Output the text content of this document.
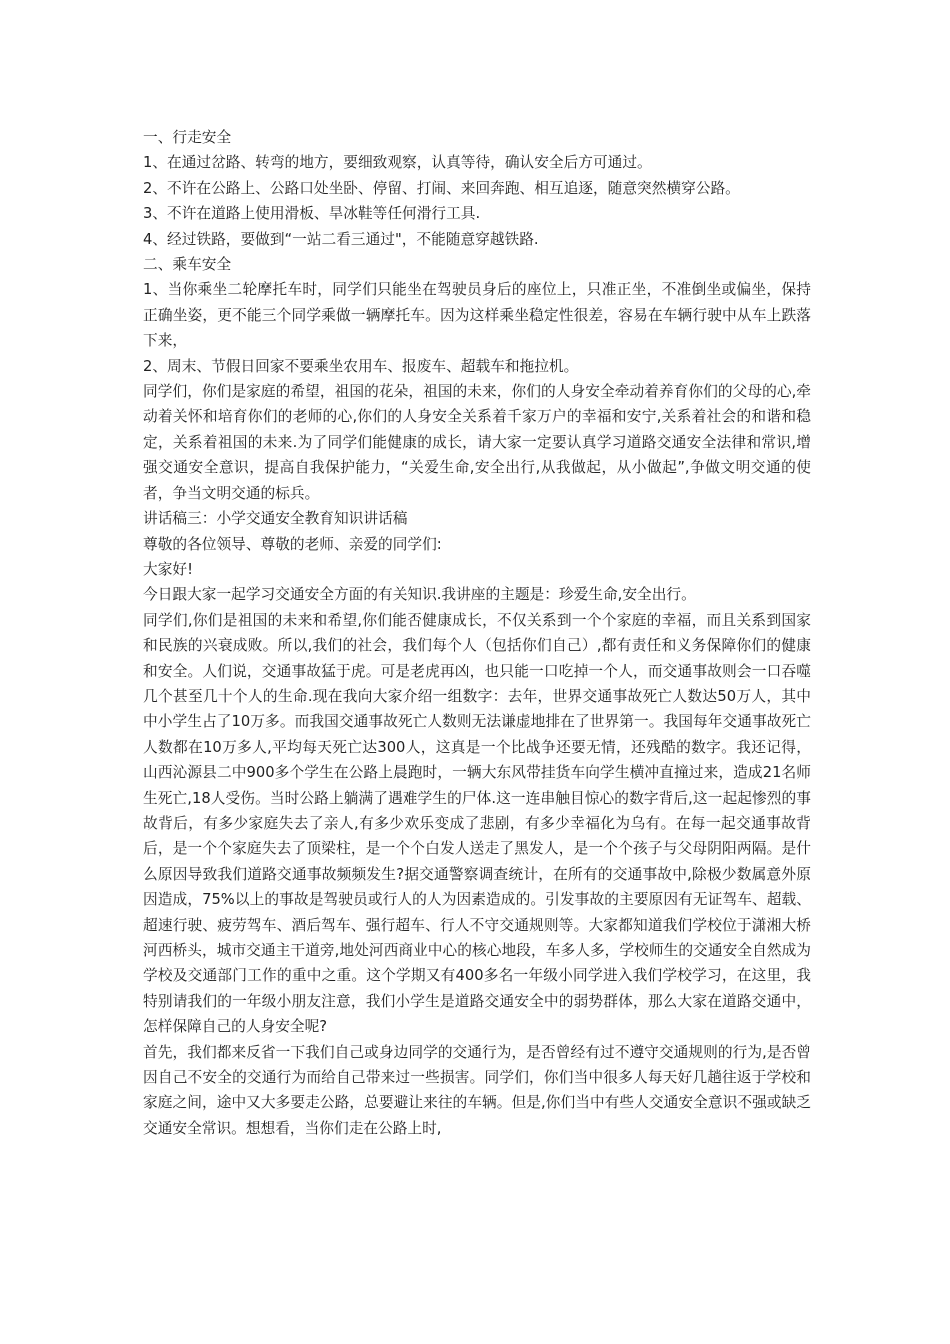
一、行走安全

1、在通过岔路、转弯的地方，要细致观察，认真等待，确认安全后方可通过。

2、不许在公路上、公路口处坐卧、停留、打闹、来回奔跑、相互追逐，随意突然横穿公路。

3、不许在道路上使用滑板、旱冰鞋等任何滑行工具.

4、经过铁路，要做到“一站二看三通过"，不能随意穿越铁路.

二、乘车安全

1、当你乘坐二轮摩托车时，同学们只能坐在驾驶员身后的座位上，只准正坐，不准倒坐或偏坐，保持正确坐姿，更不能三个同学乘做一辆摩托车。因为这样乘坐稳定性很差，容易在车辆行驶中从车上跌落下来，

2、周末、节假日回家不要乘坐农用车、报废车、超载车和拖拉机。

同学们，你们是家庭的希望，祖国的花朵，祖国的未来，你们的人身安全牵动着养育你们的父母的心,牵动着关怀和培育你们的老师的心,你们的人身安全关系着千家万户的幸福和安宁,关系着社会的和谐和稳定，关系着祖国的未来.为了同学们能健康的成长，请大家一定要认真学习道路交通安全法律和常识,增强交通安全意识，提高自我保护能力，“关爱生命,安全出行,从我做起，从小做起”,争做文明交通的使者，争当文明交通的标兵。

讲话稿三：小学交通安全教育知识讲话稿

尊敬的各位领导、尊敬的老师、亲爱的同学们:

大家好!

今日跟大家一起学习交通安全方面的有关知识.我讲座的主题是：珍爱生命,安全出行。

同学们,你们是祖国的未来和希望,你们能否健康成长，不仅关系到一个个家庭的幸福，而且关系到国家和民族的兴衰成败。所以,我们的社会，我们每个人（包括你们自己）,都有责任和义务保障你们的健康和安全。人们说，交通事故猛于虎。可是老虎再凶，也只能一口吃掉一个人，而交通事故则会一口吞噬几个甚至几十个人的生命.现在我向大家介绍一组数字：去年，世界交通事故死亡人数达50万人，其中中小学生占了10万多。而我国交通事故死亡人数则无法谦虚地排在了世界第一。我国每年交通事故死亡人数都在10万多人,平均每天死亡达300人，这真是一个比战争还要无情，还残酷的数字。我还记得，山西沁源县二中900多个学生在公路上晨跑时，一辆大东风带挂货车向学生横冲直撞过来，造成21名师生死亡,18人受伤。当时公路上躺满了遇难学生的尸体.这一连串触目惊心的数字背后,这一起起惨烈的事故背后，有多少家庭失去了亲人,有多少欢乐变成了悲剧，有多少幸福化为乌有。在每一起交通事故背后，是一个个家庭失去了顶梁柱，是一个个白发人送走了黑发人，是一个个孩子与父母阴阳两隔。是什么原因导致我们道路交通事故频频发生?据交通警察调查统计，在所有的交通事故中,除极少数属意外原因造成，75%以上的事故是驾驶员或行人的人为因素造成的。引发事故的主要原因有无证驾车、超载、超速行驶、疲劳驾车、酒后驾车、强行超车、行人不守交通规则等。大家都知道我们学校位于潇湘大桥河西桥头，城市交通主干道旁,地处河西商业中心的核心地段，车多人多，学校师生的交通安全自然成为学校及交通部门工作的重中之重。这个学期又有400多名一年级小同学进入我们学校学习，在这里，我特别请我们的一年级小朋友注意，我们小学生是道路交通安全中的弱势群体，那么大家在道路交通中，怎样保障自己的人身安全呢?

首先，我们都来反省一下我们自己或身边同学的交通行为，是否曾经有过不遵守交通规则的行为,是否曾因自己不安全的交通行为而给自己带来过一些损害。同学们，你们当中很多人每天好几趟往返于学校和家庭之间，途中又大多要走公路，总要避让来往的车辆。但是,你们当中有些人交通安全意识不强或缺乏交通安全常识。想想看，当你们走在公路上时,
